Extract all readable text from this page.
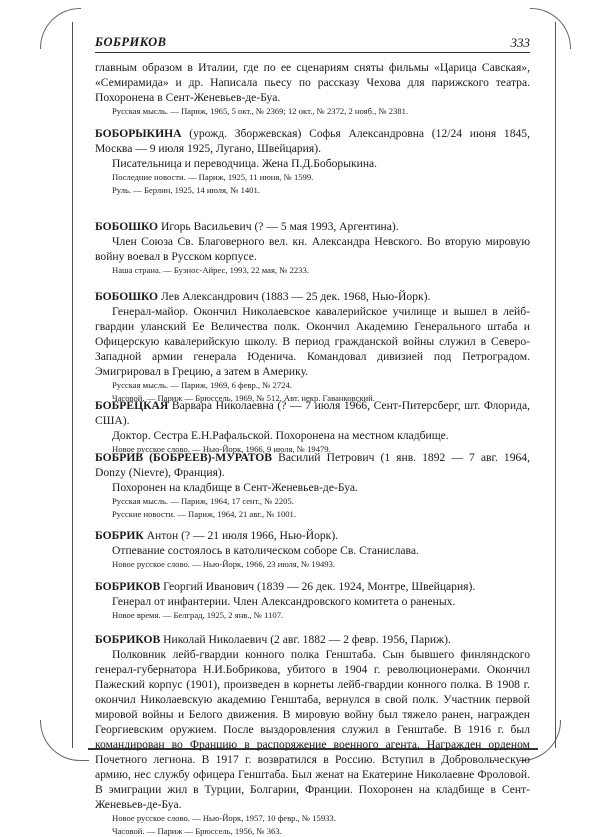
БОБРИКОВ	333

главным образом в Италии, где по ее сценариям сняты фильмы «Царица Савская», «Семирамида» и др. Написала пьесу по рассказу Чехова для парижского театра. Похоронена в Сент-Женевьев-де-Буа.

Русская мысль. — Париж, 1965, 5 окт., № 2369; 12 окт., № 2372, 2 нояб., № 2381.

БОБОРЫКИНА (урожд. Зборжевская) Софья Александровна (12/24 июня 1845, Москва — 9 июля 1925, Лугано, Швейцария).

Писательница и переводчица. Жена П.Д.Боборыкина.

Последние новости. — Париж, 1925, 11 июня, № 1599.

Руль. — Берлин, 1925, 14 июля, № 1401.

БОБОШКО Игорь Васильевич (? — 5 мая 1993, Аргентина).

Член Союза Св. Благоверного вел. кн. Александра Невского. Во вторую мировую войну воевал в Русском корпусе.

Наша страна. — Буэнос-Айрес, 1993, 22 мая, № 2233.

БОБОШКО Лев Александрович (1883 — 25 дек. 1968, Нью-Йорк).

Генерал-майор. Окончил Николаевское кавалерийское училище и вышел в лейб-гвардии уланский Ее Величества полк. Окончил Академию Генерального штаба и Офицерскую кавалерийскую школу. В период гражданской войны служил в Северо-Западной армии генерала Юденича. Командовал дивизией под Петроградом. Эмигрировал в Грецию, а затем в Америку.

Русская мысль. — Париж, 1969, 6 февр., № 2724.

Часовой. — Париж — Брюссель, 1969, № 512. Авт. некр. Гаванковский.

БОБРЕЦКАЯ Варвара Николаевна (? — 7 июля 1966, Сент-Питерсберг, шт. Флорида, США).

Доктор. Сестра Е.Н.Рафальской. Похоронена на местном кладбище.

Новое русское слово. — Нью-Йорк, 1966, 9 июля, № 19479.

БОБРИВ (БОБРЕЕВ)-МУРАТОВ Василий Петрович (1 янв. 1892 — 7 авг. 1964, Donzy (Nievre), Франция).

Похоронен на кладбище в Сент-Женевьев-де-Буа.

Русская мысль. — Париж, 1964, 17 сент., № 2205.

Русские новости. — Париж, 1964, 21 авг., № 1001.

БОБРИК Антон (? — 21 июля 1966, Нью-Йорк).

Отпевание состоялось в католическом соборе Св. Станислава.

Новое русское слово. — Нью-Йорк, 1966, 23 июля, № 19493.

БОБРИКОВ Георгий Иванович (1839 — 26 дек. 1924, Монтре, Швейцария).

Генерал от инфантерии. Член Александровского комитета о раненых.

Новое время. — Белград, 1925, 2 янв., № 1107.

БОБРИКОВ Николай Николаевич (2 авг. 1882 — 2 февр. 1956, Париж).

Полковник лейб-гвардии конного полка Генштаба. Сын бывшего финляндского генерал-губернатора Н.И.Бобрикова, убитого в 1904 г. революционерами. Окончил Пажеский корпус (1901), произведен в корнеты лейб-гвардии конного полка. В 1908 г. окончил Николаевскую академию Генштаба, вернулся в свой полк. Участник первой мировой войны и Белого движения. В мировую войну был тяжело ранен, награжден Георгиевским оружием. После выздоровления служил в Генштабе. В 1916 г. был командирован во Францию в распоряжение военного агента. Награжден орденом Почетного легиона. В 1917 г. возвратился в Россию. Вступил в Добровольческую армию, нес службу офицера Генштаба. Был женат на Екатерине Николаевне Фроловой. В эмиграции жил в Турции, Болгарии, Франции. Похоронен на кладбище в Сент-Женевьев-де-Буа.

Новое русское слово. — Нью-Йорк, 1957, 10 февр., № 15933.

Часовой. — Париж — Брюссель, 1956, № 363.
